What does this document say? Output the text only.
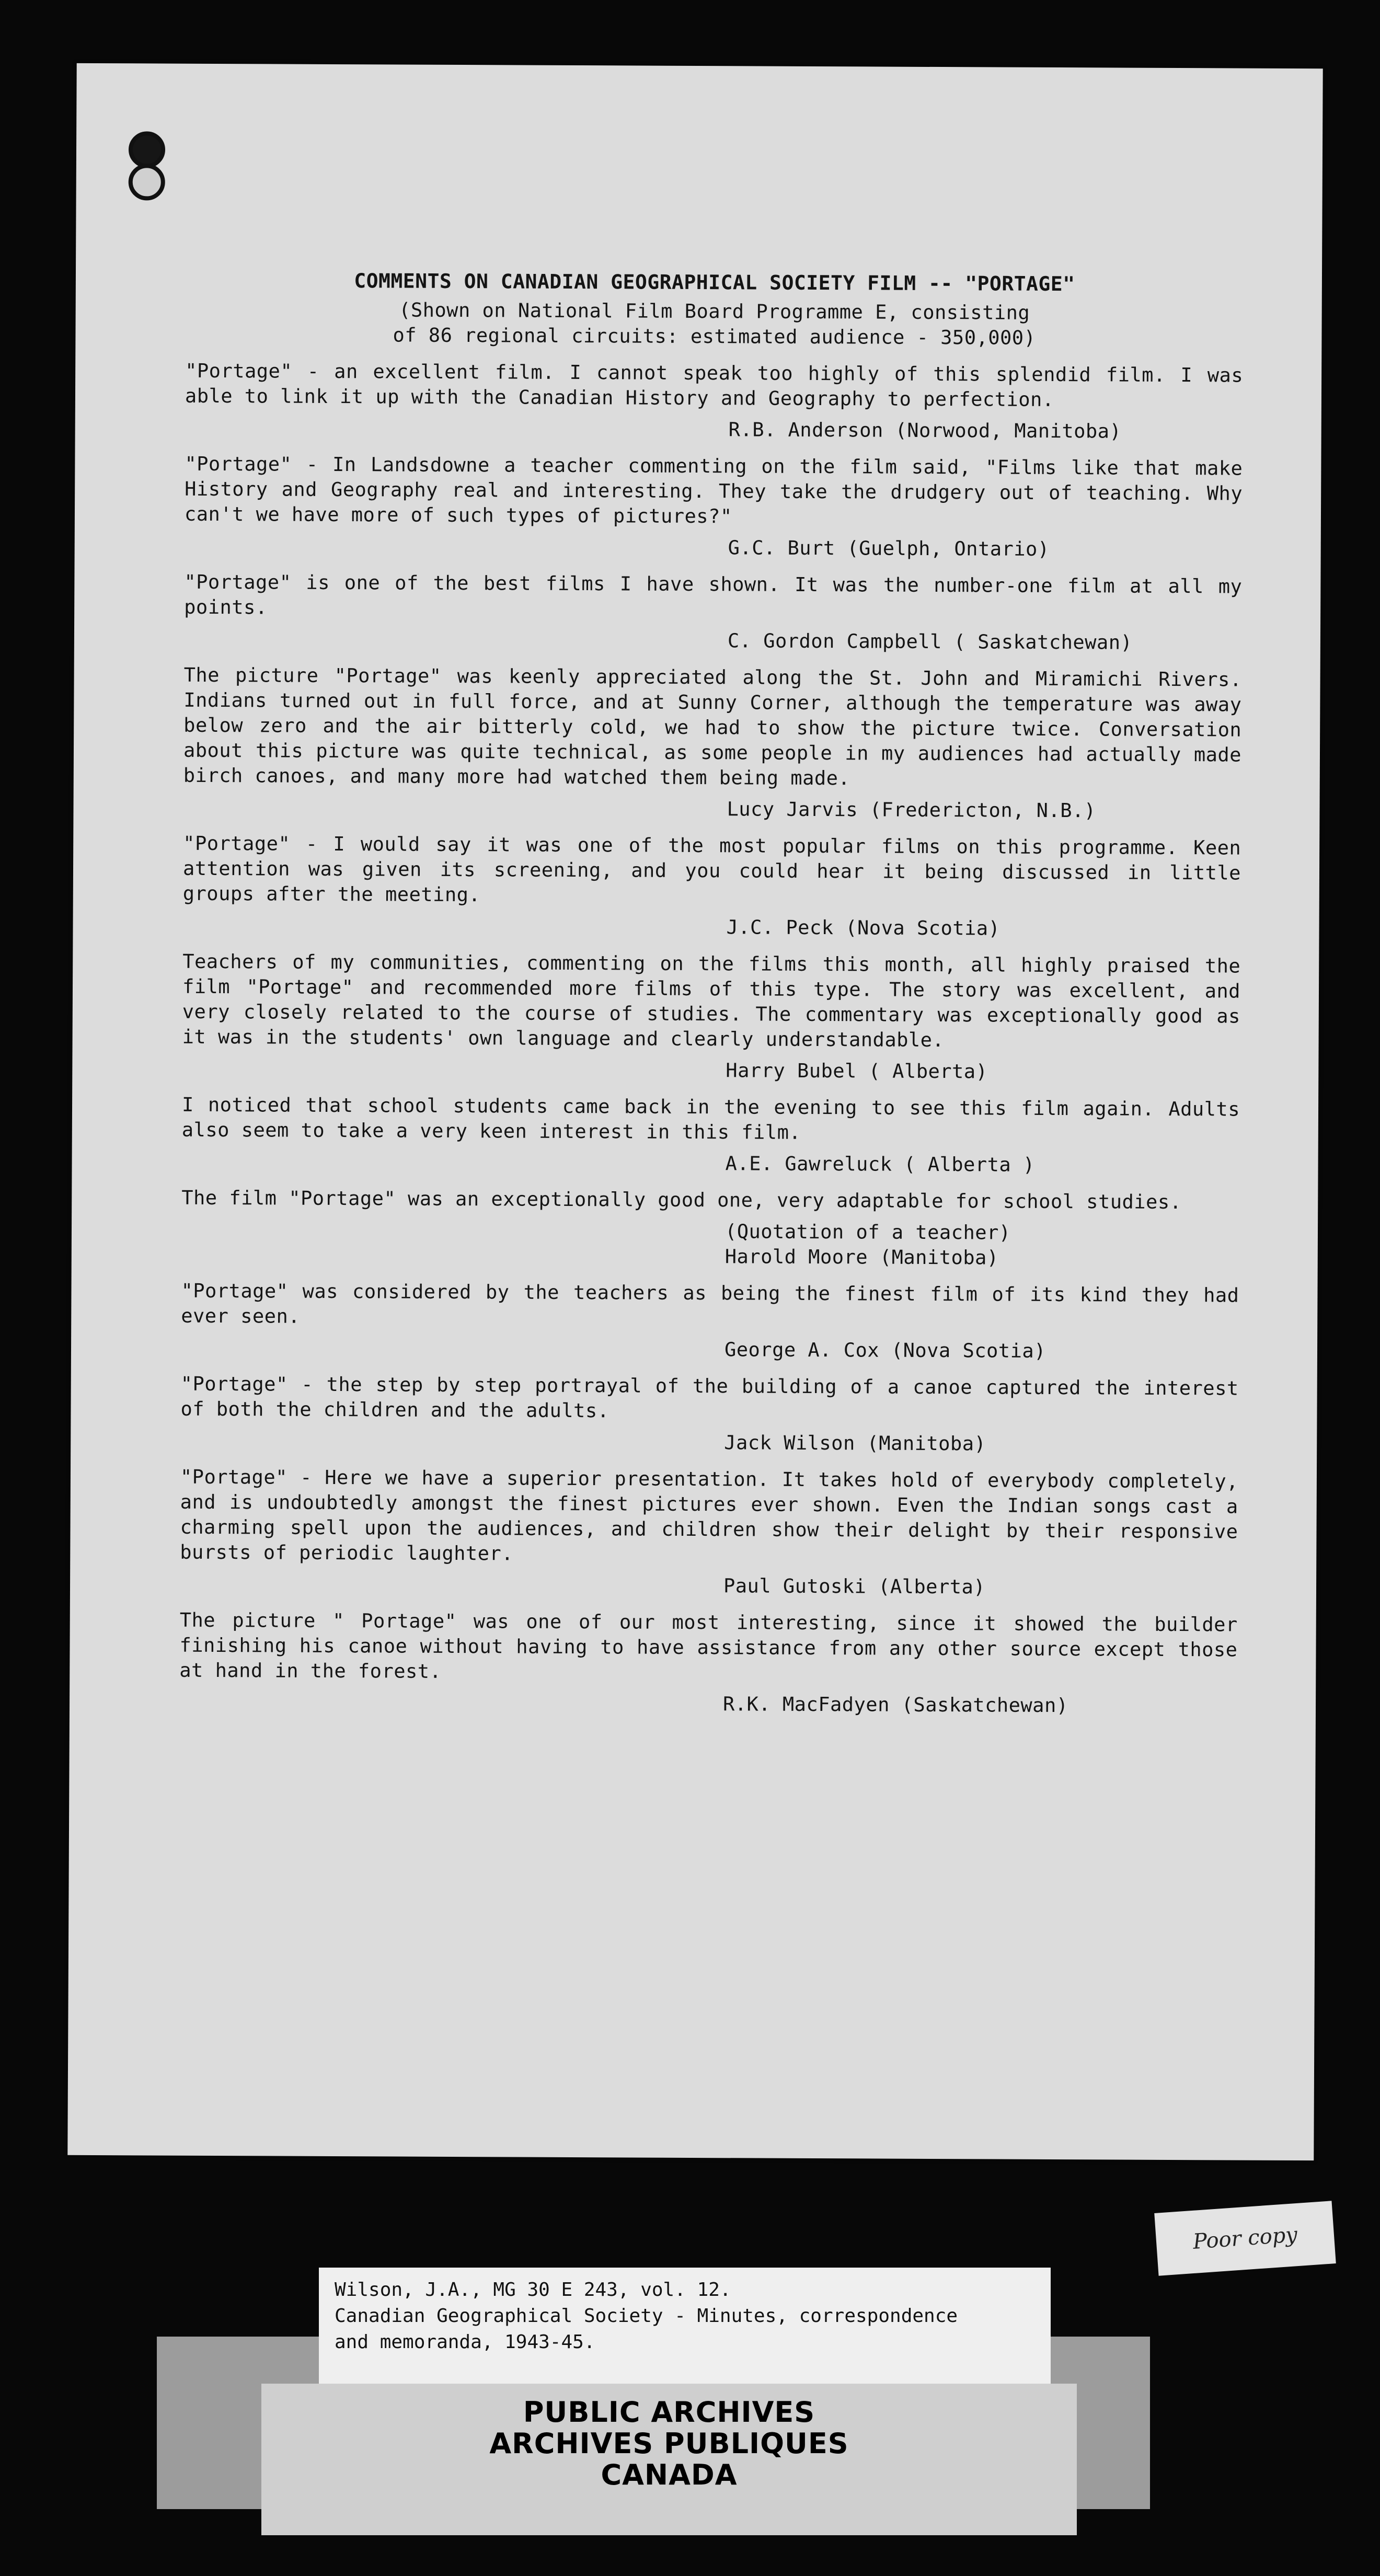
COMMENTS ON CANADIAN GEOGRAPHICAL SOCIETY FILM -- "PORTAGE"
(Shown on National Film Board Programme E, consisting
of 86 regional circuits: estimated audience - 350,000)

"Portage" - an excellent film. I cannot speak too highly of this splendid film. I was able to link it up with the Canadian History and Geography to perfection.

R.B. Anderson (Norwood, Manitoba)

"Portage" - In Landsdowne a teacher commenting on the film said, "Films like that make History and Geography real and interesting. They take the drudgery out of teaching. Why can't we have more of such types of pictures?"

G.C. Burt (Guelph, Ontario)

"Portage" is one of the best films I have shown. It was the number-one film at all my points.

C. Gordon Campbell ( Saskatchewan)

The picture "Portage" was keenly appreciated along the St. John and Miramichi Rivers. Indians turned out in full force, and at Sunny Corner, although the temperature was away below zero and the air bitterly cold, we had to show the picture twice. Conversation about this picture was quite technical, as some people in my audiences had actually made birch canoes, and many more had watched them being made.

Lucy Jarvis (Fredericton, N.B.)

"Portage" - I would say it was one of the most popular films on this programme. Keen attention was given its screening, and you could hear it being discussed in little groups after the meeting.

J.C. Peck (Nova Scotia)

Teachers of my communities, commenting on the films this month, all highly praised the film "Portage" and recommended more films of this type. The story was excellent, and very closely related to the course of studies. The commentary was exceptionally good as it was in the students' own language and clearly understandable.

Harry Bubel ( Alberta)

I noticed that school students came back in the evening to see this film again. Adults also seem to take a very keen interest in this film.

A.E. Gawreluck ( Alberta )

The film "Portage" was an exceptionally good one, very adaptable for school studies.

(Quotation of a teacher)
Harold Moore (Manitoba)

"Portage" was considered by the teachers as being the finest film of its kind they had ever seen.

George A. Cox (Nova Scotia)

"Portage" - the step by step portrayal of the building of a canoe captured the interest of both the children and the adults.

Jack Wilson (Manitoba)

"Portage" - Here we have a superior presentation. It takes hold of everybody completely, and is undoubtedly amongst the finest pictures ever shown. Even the Indian songs cast a charming spell upon the audiences, and children show their delight by their responsive bursts of periodic laughter.

Paul Gutoski (Alberta)

The picture " Portage" was one of our most interesting, since it showed the builder finishing his canoe without having to have assistance from any other source except those at hand in the forest.

R.K. MacFadyen (Saskatchewan)
Poor copy
Wilson, J.A., MG 30 E 243, vol. 12.
Canadian Geographical Society - Minutes, correspondence
and memoranda, 1943-45.
PUBLIC ARCHIVES
ARCHIVES PUBLIQUES
CANADA
